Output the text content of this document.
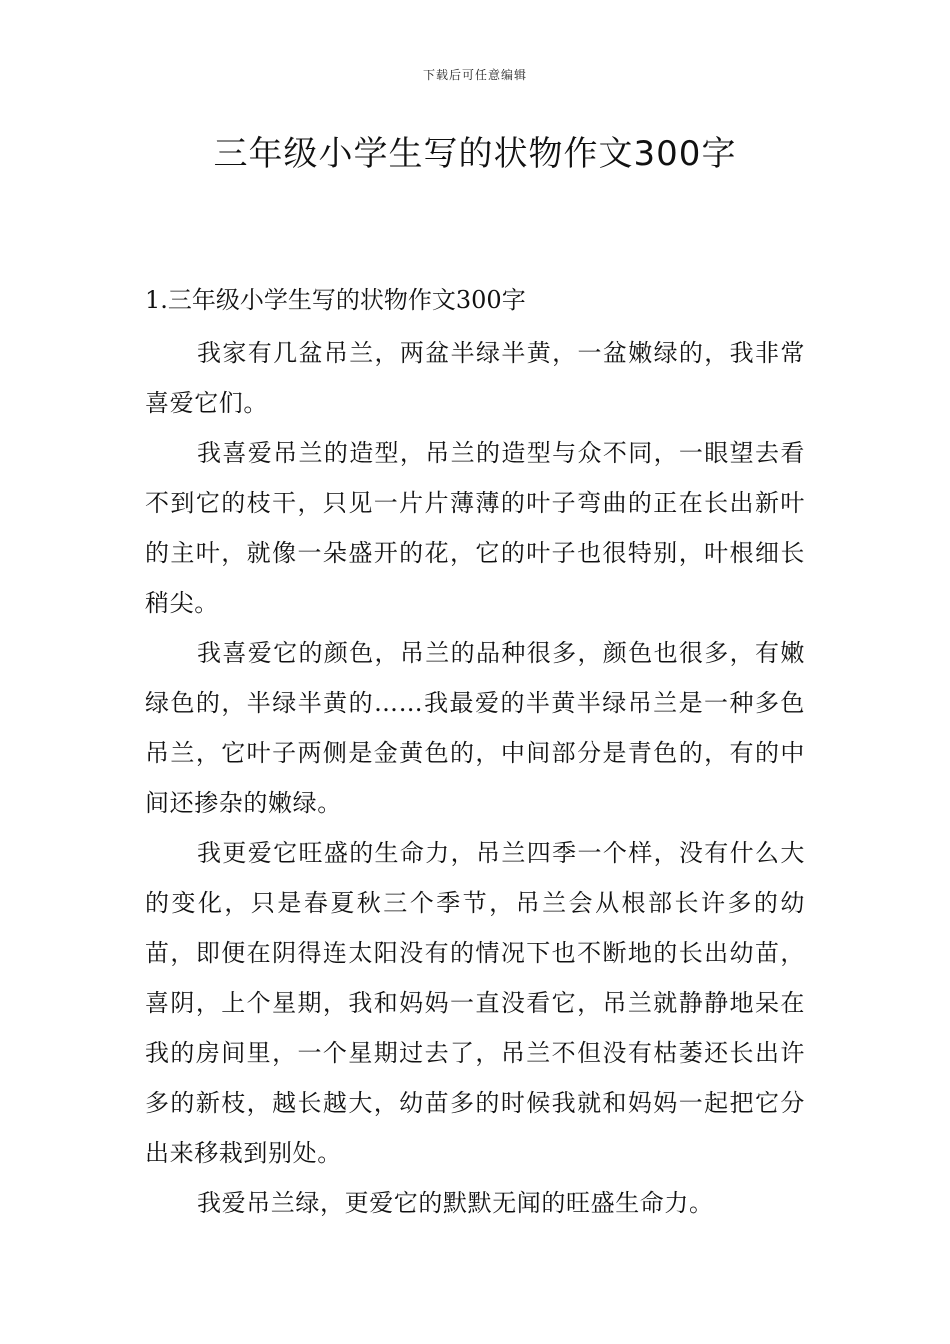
下载后可任意编辑
三年级小学生写的状物作文300字

1.三年级小学生写的状物作文300字

我家有几盆吊兰，两盆半绿半黄，一盆嫩绿的，我非常喜爱它们。

我喜爱吊兰的造型，吊兰的造型与众不同，一眼望去看不到它的枝干，只见一片片薄薄的叶子弯曲的正在长出新叶的主叶，就像一朵盛开的花，它的叶子也很特别，叶根细长稍尖。

我喜爱它的颜色，吊兰的品种很多，颜色也很多，有嫩绿色的，半绿半黄的……我最爱的半黄半绿吊兰是一种多色吊兰，它叶子两侧是金黄色的，中间部分是青色的，有的中间还掺杂的嫩绿。

我更爱它旺盛的生命力，吊兰四季一个样，没有什么大的变化，只是春夏秋三个季节，吊兰会从根部长许多的幼苗，即便在阴得连太阳没有的情况下也不断地的长出幼苗，喜阴，上个星期，我和妈妈一直没看它，吊兰就静静地呆在我的房间里，一个星期过去了，吊兰不但没有枯萎还长出许多的新枝，越长越大，幼苗多的时候我就和妈妈一起把它分出来移栽到别处。

我爱吊兰绿，更爱它的默默无闻的旺盛生命力。
